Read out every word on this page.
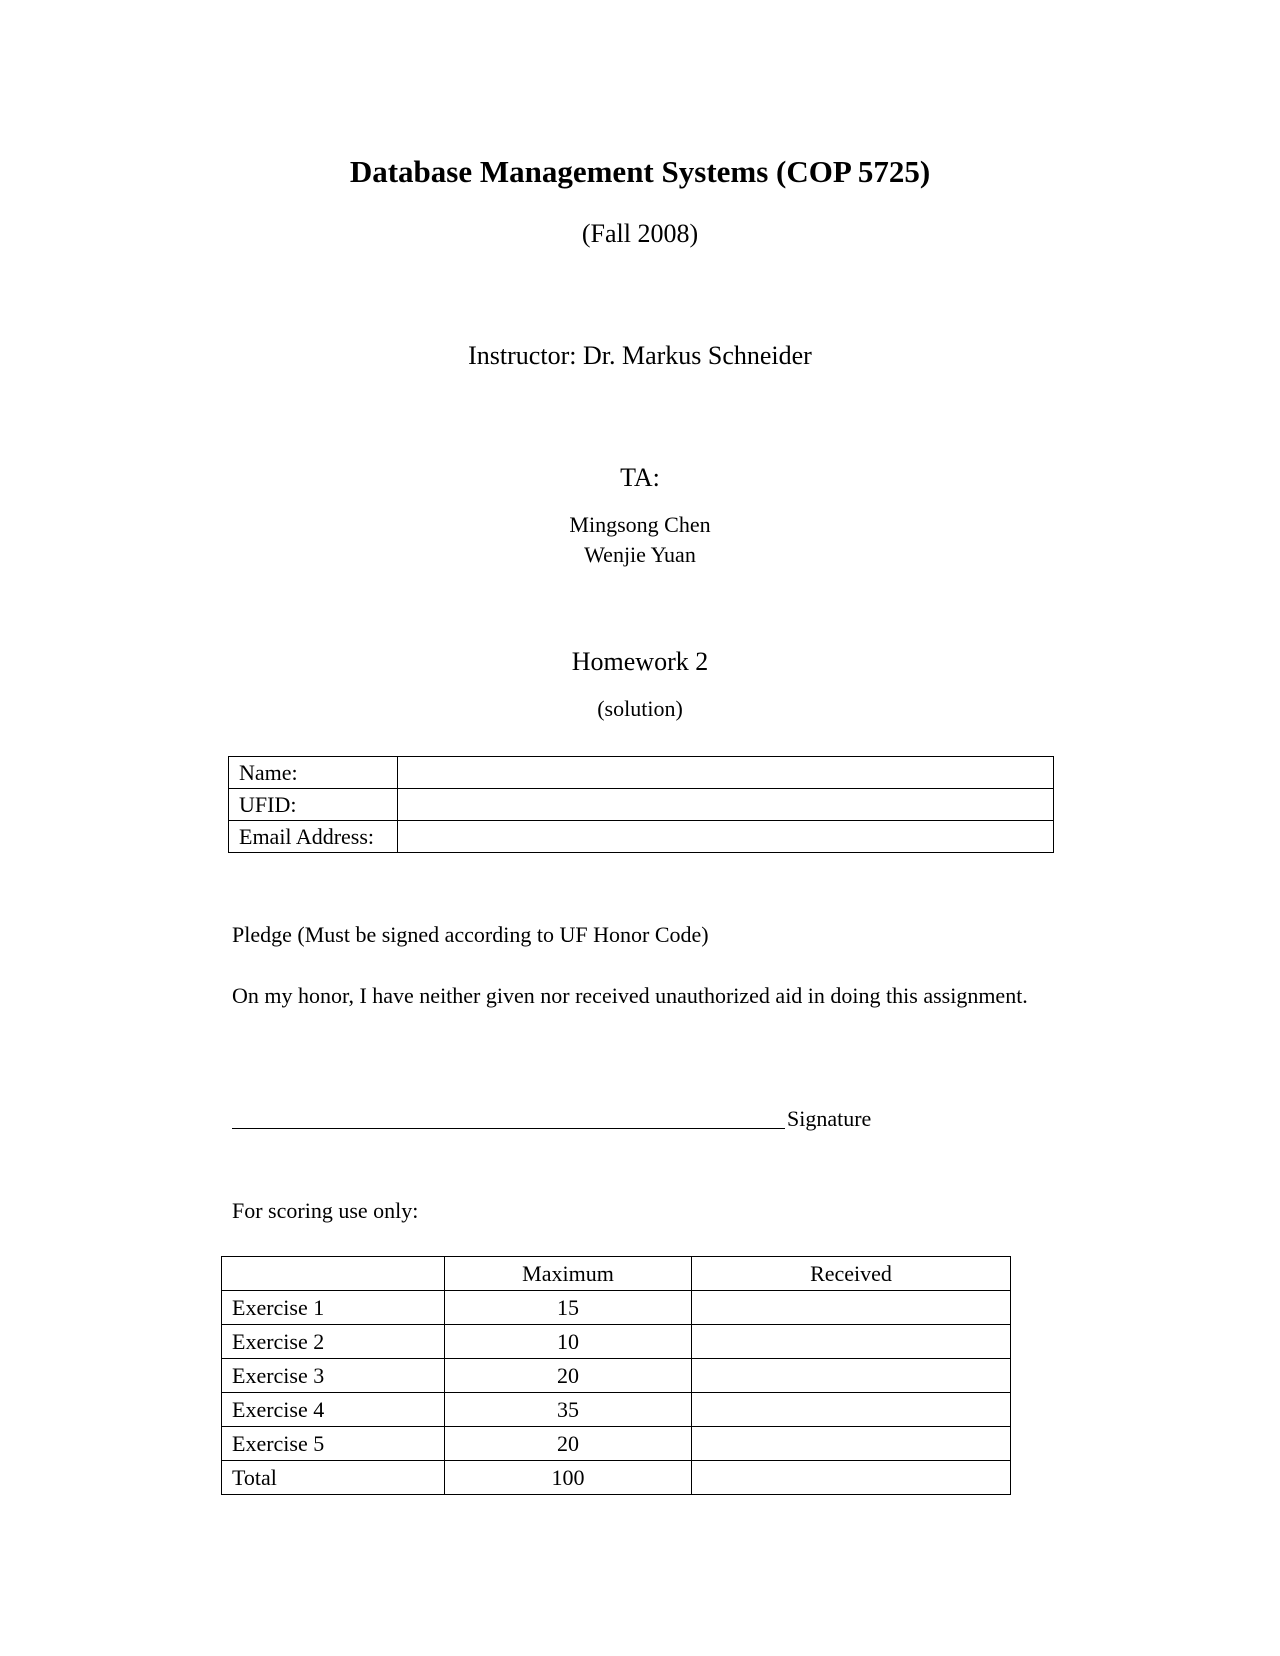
Database Management Systems (COP 5725)
(Fall 2008)
Instructor: Dr. Markus Schneider
TA:
Mingsong Chen
Wenjie Yuan
Homework 2
(solution)
Name:	
UFID:	
Email Address:	
Pledge (Must be signed according to UF Honor Code)
On my honor, I have neither given nor received unauthorized aid in doing this assignment.
Signature
For scoring use only:
	Maximum	Received
Exercise 1	15	
Exercise 2	10	
Exercise 3	20	
Exercise 4	35	
Exercise 5	20	
Total	100	
